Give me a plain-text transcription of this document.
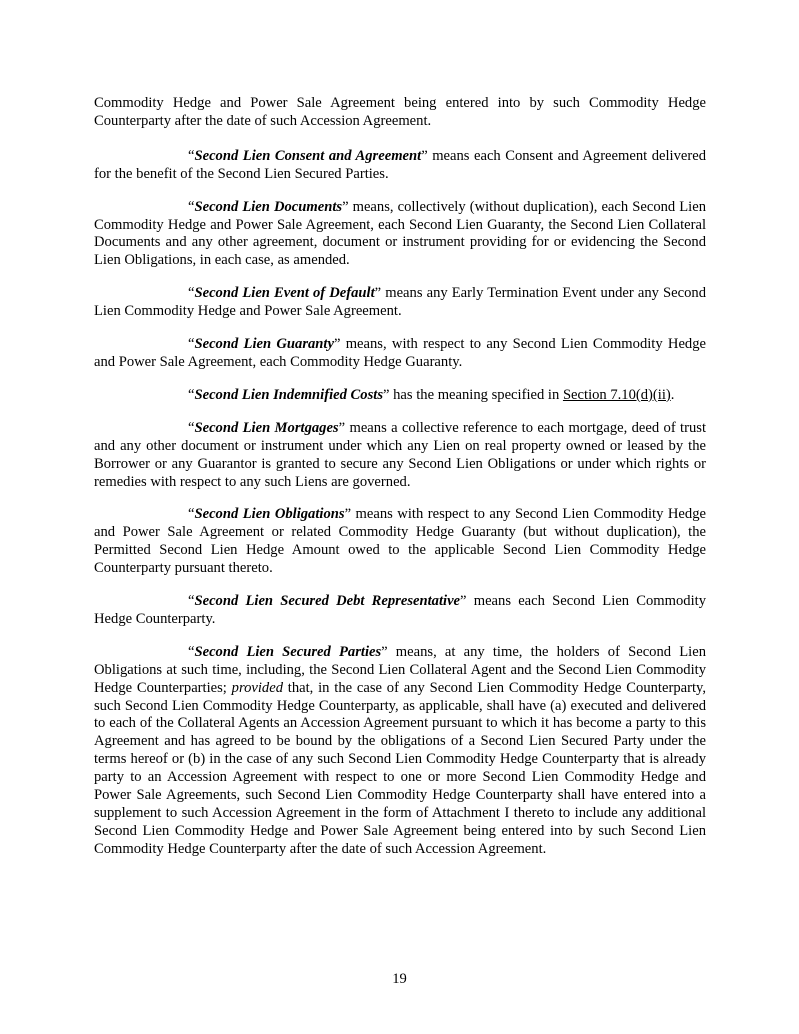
Commodity Hedge and Power Sale Agreement being entered into by such Commodity Hedge Counterparty after the date of such Accession Agreement.

“Second Lien Consent and Agreement” means each Consent and Agreement delivered for the benefit of the Second Lien Secured Parties.

“Second Lien Documents” means, collectively (without duplication), each Second Lien Commodity Hedge and Power Sale Agreement, each Second Lien Guaranty, the Second Lien Collateral Documents and any other agreement, document or instrument providing for or evidencing the Second Lien Obligations, in each case, as amended.

“Second Lien Event of Default” means any Early Termination Event under any Second Lien Commodity Hedge and Power Sale Agreement.

“Second Lien Guaranty” means, with respect to any Second Lien Commodity Hedge and Power Sale Agreement, each Commodity Hedge Guaranty.

“Second Lien Indemnified Costs” has the meaning specified in Section 7.10(d)(ii).

“Second Lien Mortgages” means a collective reference to each mortgage, deed of trust and any other document or instrument under which any Lien on real property owned or leased by the Borrower or any Guarantor is granted to secure any Second Lien Obligations or under which rights or remedies with respect to any such Liens are governed.

“Second Lien Obligations” means with respect to any Second Lien Commodity Hedge and Power Sale Agreement or related Commodity Hedge Guaranty (but without duplication), the Permitted Second Lien Hedge Amount owed to the applicable Second Lien Commodity Hedge Counterparty pursuant thereto.

“Second Lien Secured Debt Representative” means each Second Lien Commodity Hedge Counterparty.

“Second Lien Secured Parties” means, at any time, the holders of Second Lien Obligations at such time, including, the Second Lien Collateral Agent and the Second Lien Commodity Hedge Counterparties; provided that, in the case of any Second Lien Commodity Hedge Counterparty, such Second Lien Commodity Hedge Counterparty, as applicable, shall have (a) executed and delivered to each of the Collateral Agents an Accession Agreement pursuant to which it has become a party to this Agreement and has agreed to be bound by the obligations of a Second Lien Secured Party under the terms hereof or (b) in the case of any such Second Lien Commodity Hedge Counterparty that is already party to an Accession Agreement with respect to one or more Second Lien Commodity Hedge and Power Sale Agreements, such Second Lien Commodity Hedge Counterparty shall have entered into a supplement to such Accession Agreement in the form of Attachment I thereto to include any additional Second Lien Commodity Hedge and Power Sale Agreement being entered into by such Second Lien Commodity Hedge Counterparty after the date of such Accession Agreement.

19
